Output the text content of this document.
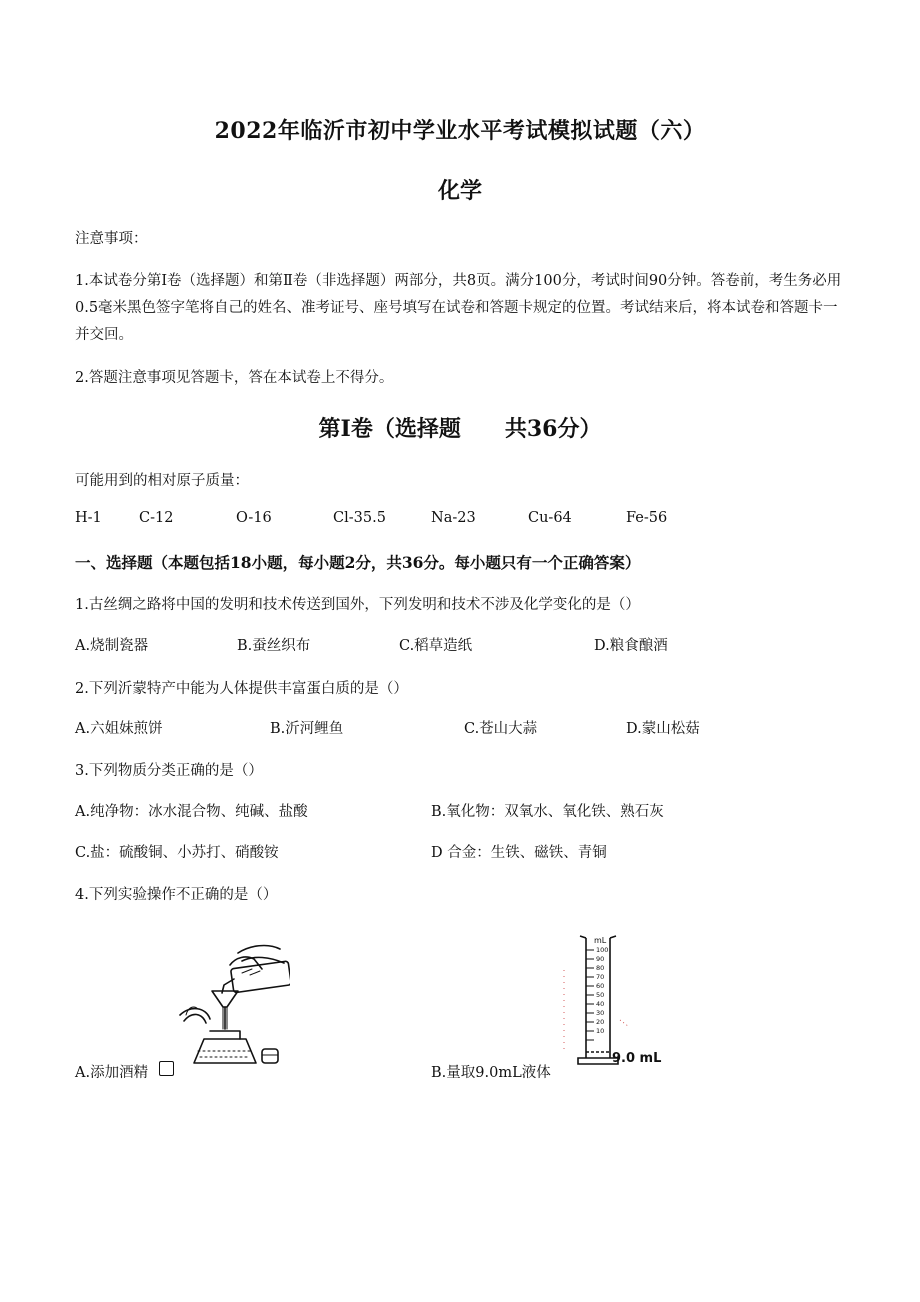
2022年临沂市初中学业水平考试模拟试题（六）
化学
注意事项：
1.本试卷分第I卷（选择题）和第Ⅱ卷（非选择题）两部分，共8页。满分100分，考试时间90分钟。答卷前，考生务必用0.5毫米黑色签字笔将自己的姓名、准考证号、座号填写在试卷和答题卡规定的位置。考试结来后，将本试卷和答题卡一并交回。
2.答题注意事项见答题卡，答在本试卷上不得分。
第I卷（选择题　　共36分）
可能用到的相对原子质量：
H-1	C-12	O-16	Cl-35.5	Na-23	Cu-64	Fe-56
一、选择题（本题包括18小题，每小题2分，共36分。每小题只有一个正确答案）
1.古丝绸之路将中国的发明和技术传送到国外，下列发明和技术不涉及化学变化的是（）
A.烧制瓷器	B.蚕丝织布	C.稻草造纸	D.粮食酿酒
2.下列沂蒙特产中能为人体提供丰富蛋白质的是（）
A.六姐妹煎饼	B.沂河鲤鱼	C.苍山大蒜	D.蒙山松菇
3.下列物质分类正确的是（）
A.纯净物：冰水混合物、纯碱、盐酸	B.氧化物：双氧水、氧化铁、熟石灰
C.盐：硫酸铜、小苏打、硝酸铵	D 合金：生铁、磁铁、青铜
4.下列实验操作不正确的是（）
A.添加酒精
mL
100
90
80
70
60
50
40
30
20
10
9.0 mL
B.量取9.0mL液体
